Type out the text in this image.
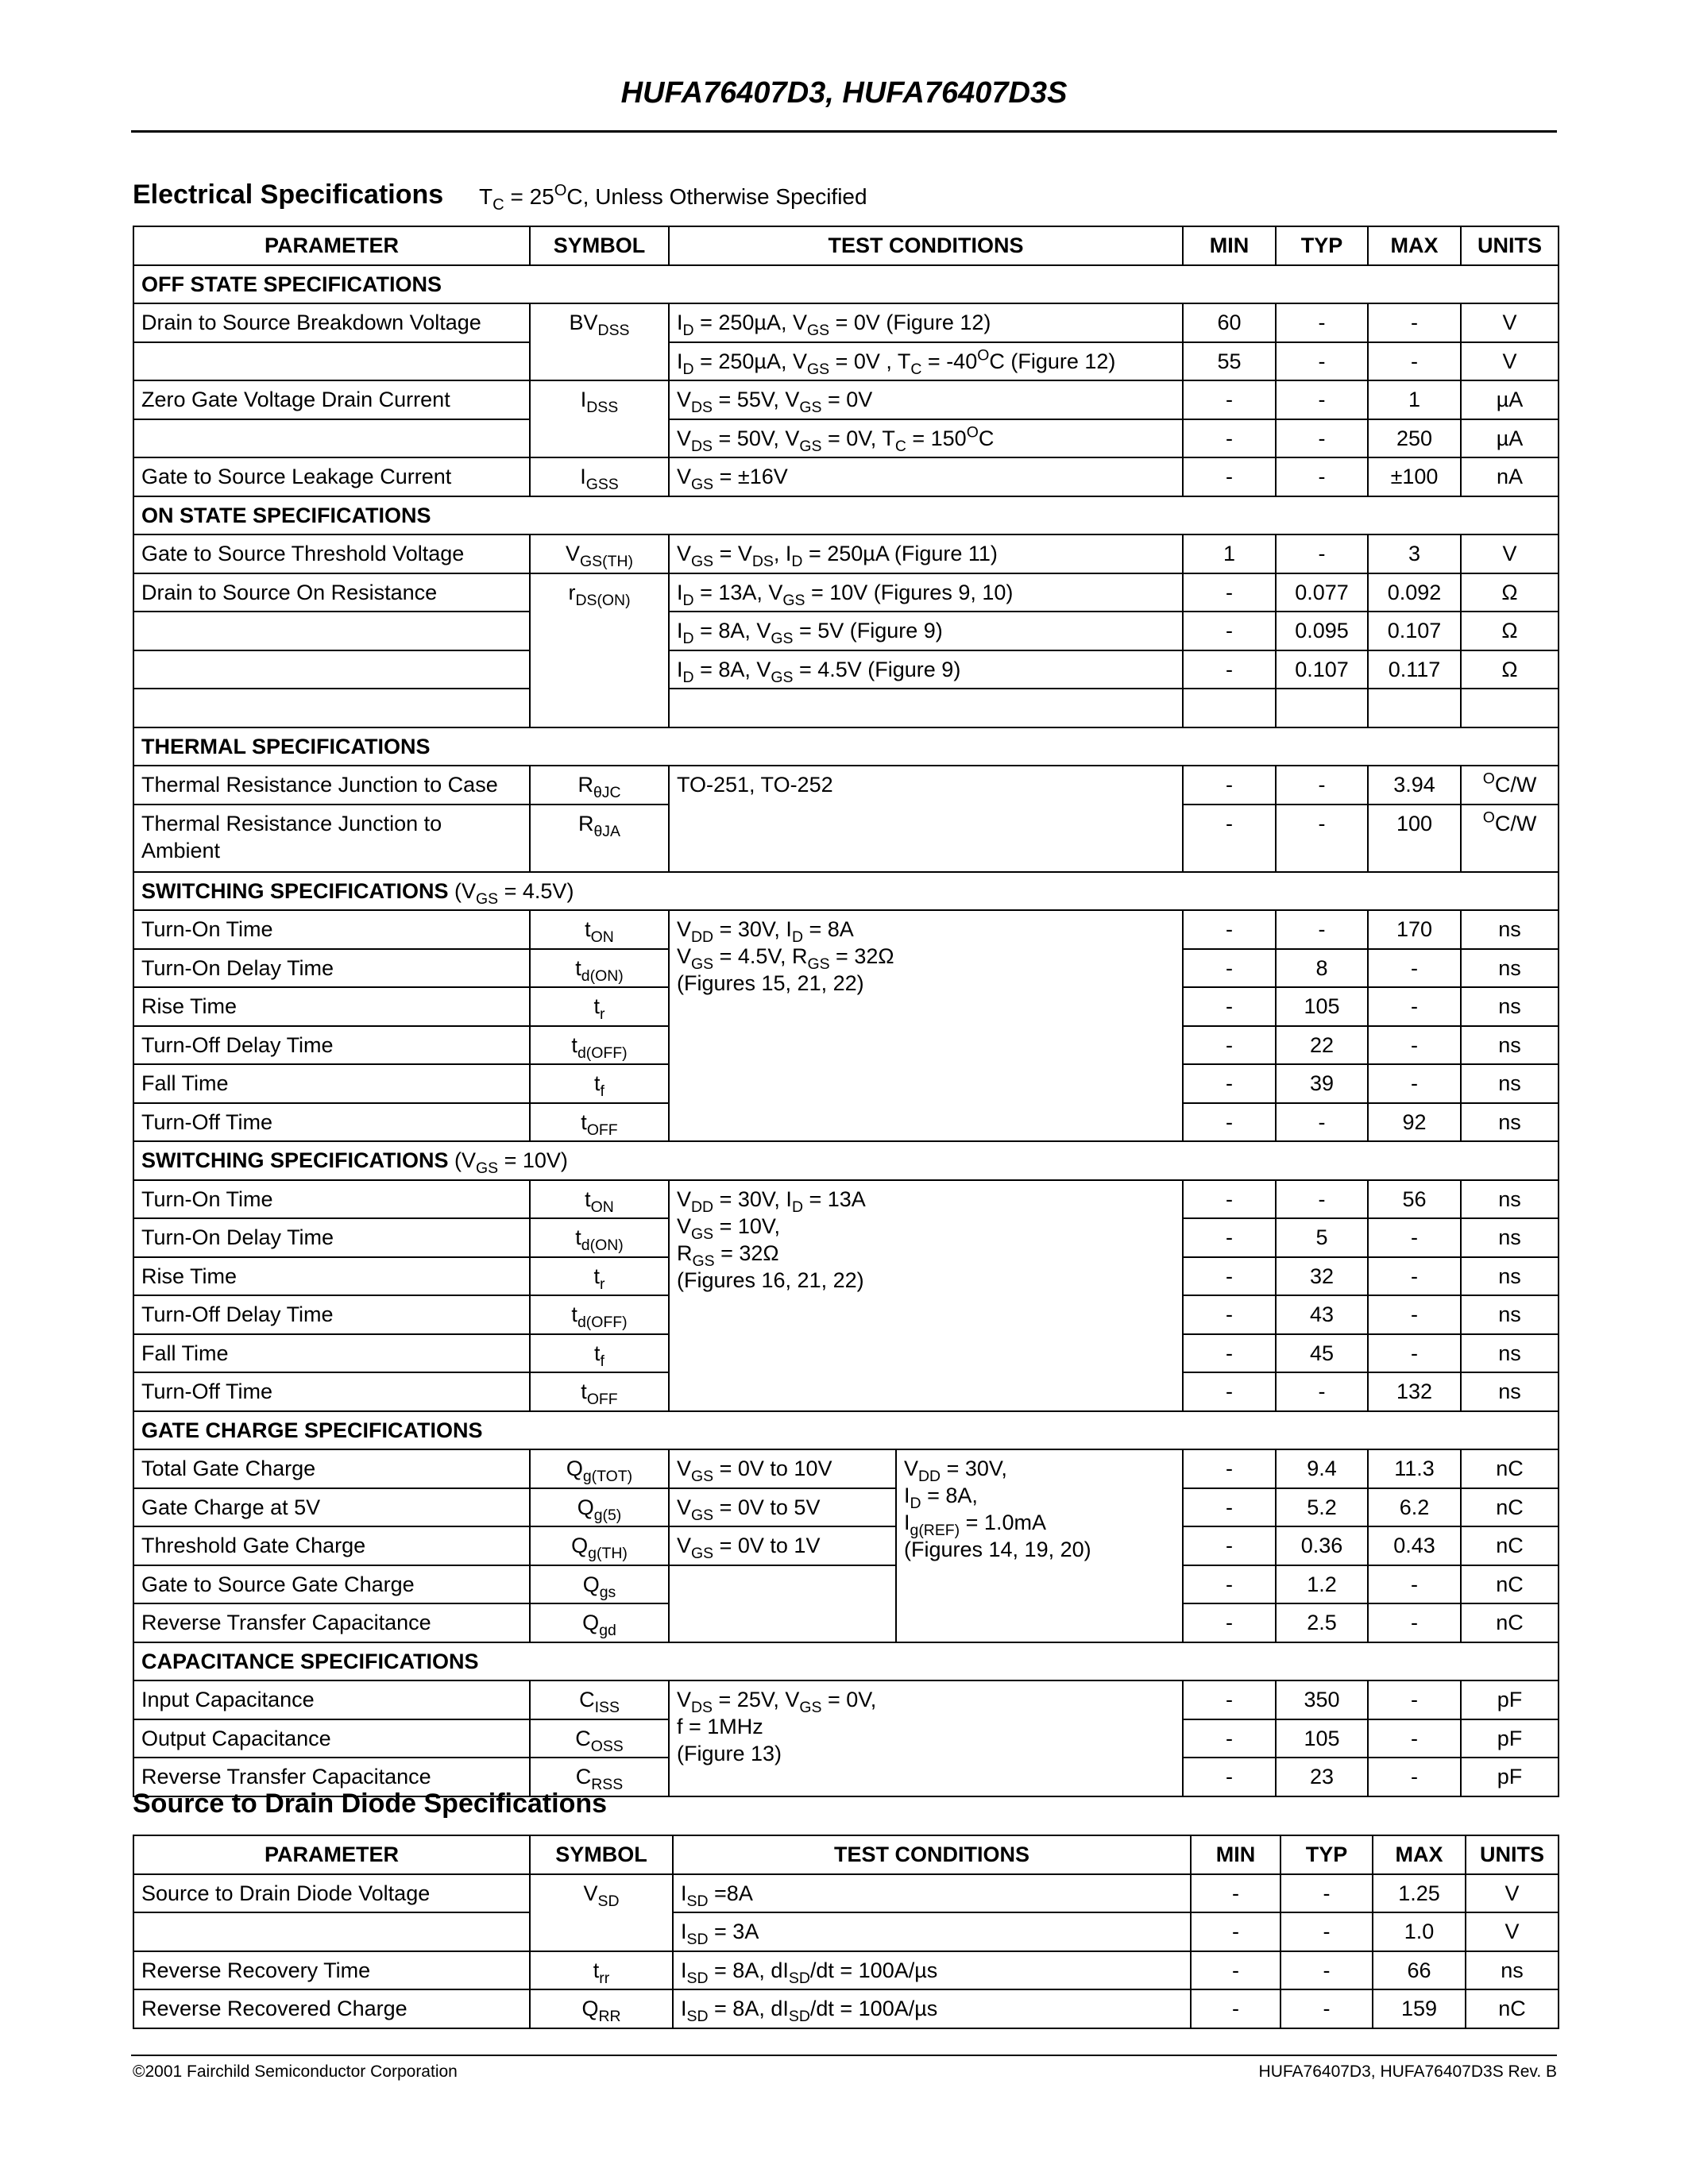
HUFA76407D3, HUFA76407D3S
Electrical Specifications $T_C = 25^OC$, Unless Otherwise Specified
PARAMETER	SYMBOL	TEST CONDITIONS		MIN	TYP	MAX	UNITS
OFF STATE SPECIFICATIONS							
Drain to Source Breakdown Voltage	$BV_{DSS}$	$I_D = 250\mu A$, $V_{GS} = 0V$ (Figure 12)		60	-	-	V
		$I_D = 250\mu A$, $V_{GS} = 0V$ , $T_C = -40^OC$ (Figure 12)		55	-	-	V
Zero Gate Voltage Drain Current	$I_{DSS}$	$V_{DS} = 55V$, $V_{GS} = 0V$		-	-	1	µA
		$V_{DS} = 50V$, $V_{GS} = 0V$, $T_C = 150^OC$		-	-	250	µA
Gate to Source Leakage Current	$I_{GSS}$	$V_{GS} = \pm 16V$		-	-	±100	nA
ON STATE SPECIFICATIONS							
Gate to Source Threshold Voltage	$V_{GS(TH)}$	$V_{GS} = V_{DS}$, $I_D = 250\mu A$ (Figure 11)		1	-	3	V
Drain to Source On Resistance	$r_{DS(ON)}$	$I_D = 13A$, $V_{GS} = 10V$ (Figures 9, 10)		-	0.077	0.092	Ω
		$I_D = 8A$, $V_{GS} = 5V$ (Figure 9)		-	0.095	0.107	Ω
		$I_D = 8A$, $V_{GS} = 4.5V$ (Figure 9)		-	0.107	0.117	Ω

THERMAL SPECIFICATIONS							
Thermal Resistance Junction to Case	$R_{\theta JC}$	TO-251, TO-252		-	-	3.94	$^O$C/W
Thermal Resistance Junction to Ambient	$R_{\theta JA}$			-	-	100	$^O$C/W
SWITCHING SPECIFICATIONS $(V_{GS} = 4.5V)$							
Turn-On Time	$t_{ON}$	$V_{DD} = 30V$, $I_D = 8A$
$V_{GS} = 4.5V$, $R_{GS} = 32\Omega$
(Figures 15, 21, 22)		-	-	170	ns
Turn-On Delay Time	$t_{d(ON)}$			-	8	-	ns
Rise Time	$t_r$			-	105	-	ns
Turn-Off Delay Time	$t_{d(OFF)}$			-	22	-	ns
Fall Time	$t_f$			-	39	-	ns
Turn-Off Time	$t_{OFF}$			-	-	92	ns
SWITCHING SPECIFICATIONS $(V_{GS} = 10V)$							
Turn-On Time	$t_{ON}$	$V_{DD} = 30V$, $I_D = 13A$
$V_{GS} = 10V$,
$R_{GS} = 32\Omega$
(Figures 16, 21, 22)		-	-	56	ns
Turn-On Delay Time	$t_{d(ON)}$			-	5	-	ns
Rise Time	$t_r$			-	32	-	ns
Turn-Off Delay Time	$t_{d(OFF)}$			-	43	-	ns
Fall Time	$t_f$			-	45	-	ns
Turn-Off Time	$t_{OFF}$			-	-	132	ns
GATE CHARGE SPECIFICATIONS							
Total Gate Charge	$Q_{g(TOT)}$	$V_{GS} = 0V$ to 10V	$V_{DD} = 30V$,
$I_D = 8A$,
$I_{g(REF)} = 1.0mA$
(Figures 14, 19, 20)	-	9.4	11.3	nC
Gate Charge at 5V	$Q_{g(5)}$	$V_{GS} = 0V$ to 5V		-	5.2	6.2	nC
Threshold Gate Charge	$Q_{g(TH)}$	$V_{GS} = 0V$ to 1V		-	0.36	0.43	nC
Gate to Source Gate Charge	$Q_{gs}$			-	1.2	-	nC
Reverse Transfer Capacitance	$Q_{gd}$			-	2.5	-	nC
CAPACITANCE SPECIFICATIONS							
Input Capacitance	$C_{ISS}$	$V_{DS} = 25V$, $V_{GS} = 0V$,
f = 1MHz
(Figure 13)		-	350	-	pF
Output Capacitance	$C_{OSS}$			-	105	-	pF
Reverse Transfer Capacitance	$C_{RSS}$			-	23	-	pF
Source to Drain Diode Specifications
PARAMETER	SYMBOL	TEST CONDITIONS	MIN	TYP	MAX	UNITS
Source to Drain Diode Voltage	$V_{SD}$	$I_{SD} =8A$	-	-	1.25	V
		$I_{SD} = 3A$	-	-	1.0	V
Reverse Recovery Time	$t_{rr}$	$I_{SD} = 8A$, $dI_{SD}/dt = 100A/\mu s$	-	-	66	ns
Reverse Recovered Charge	$Q_{RR}$	$I_{SD} = 8A$, $dI_{SD}/dt = 100A/\mu s$	-	-	159	nC
©2001 Fairchild Semiconductor Corporation	HUFA76407D3, HUFA76407D3S Rev. B
